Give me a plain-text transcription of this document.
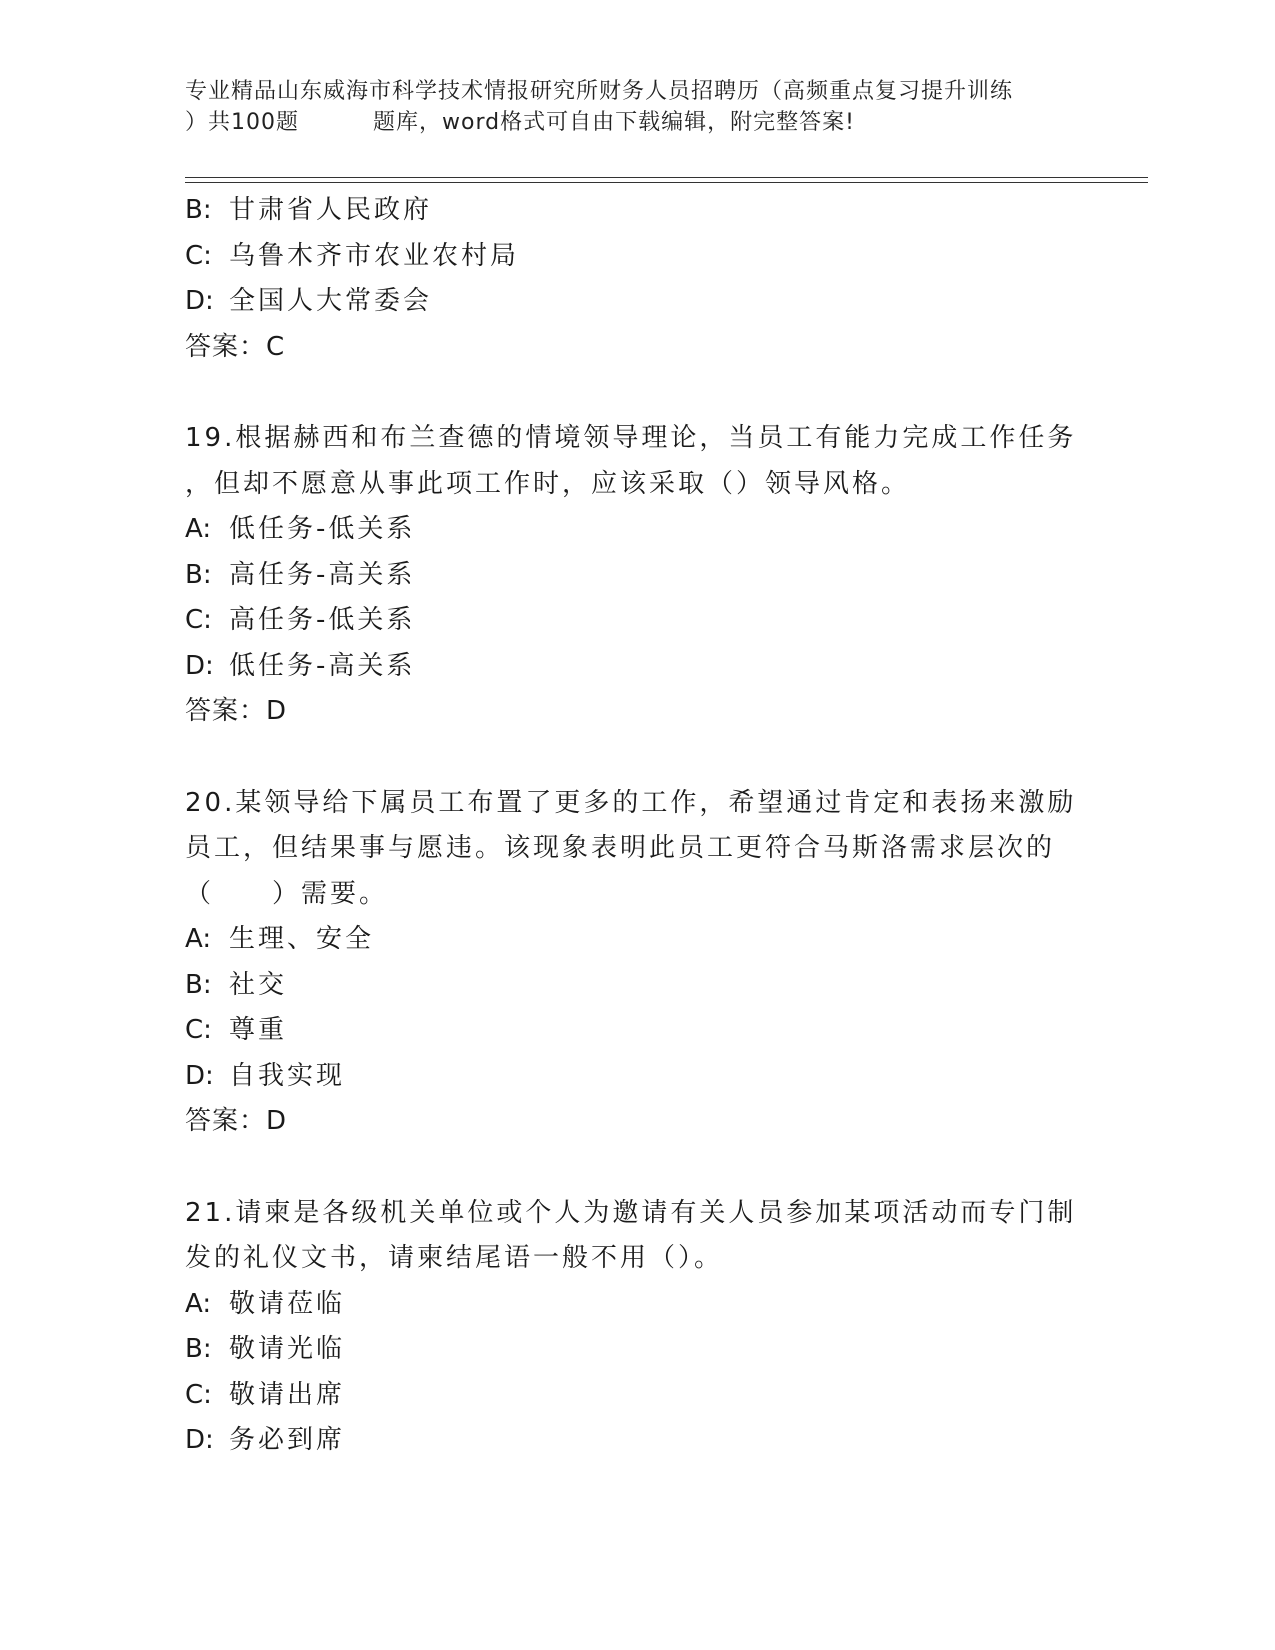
专业精品山东威海市科学技术情报研究所财务人员招聘历（高频重点复习提升训练
）共100题	题库，word格式可自由下载编辑，附完整答案!
B: 甘肃省人民政府
C: 乌鲁木齐市农业农村局
D: 全国人大常委会
答案：C
19.根据赫西和布兰查德的情境领导理论，当员工有能力完成工作任务
，但却不愿意从事此项工作时，应该采取（）领导风格。
A: 低任务-低关系
B: 高任务-高关系
C: 高任务-低关系
D: 低任务-高关系
答案：D
20.某领导给下属员工布置了更多的工作，希望通过肯定和表扬来激励
员工，但结果事与愿违。该现象表明此员工更符合马斯洛需求层次的
（　　）需要。
A: 生理、安全
B: 社交
C: 尊重
D: 自我实现
答案：D
21.请柬是各级机关单位或个人为邀请有关人员参加某项活动而专门制
发的礼仪文书，请柬结尾语一般不用（）。
A: 敬请莅临
B: 敬请光临
C: 敬请出席
D: 务必到席
